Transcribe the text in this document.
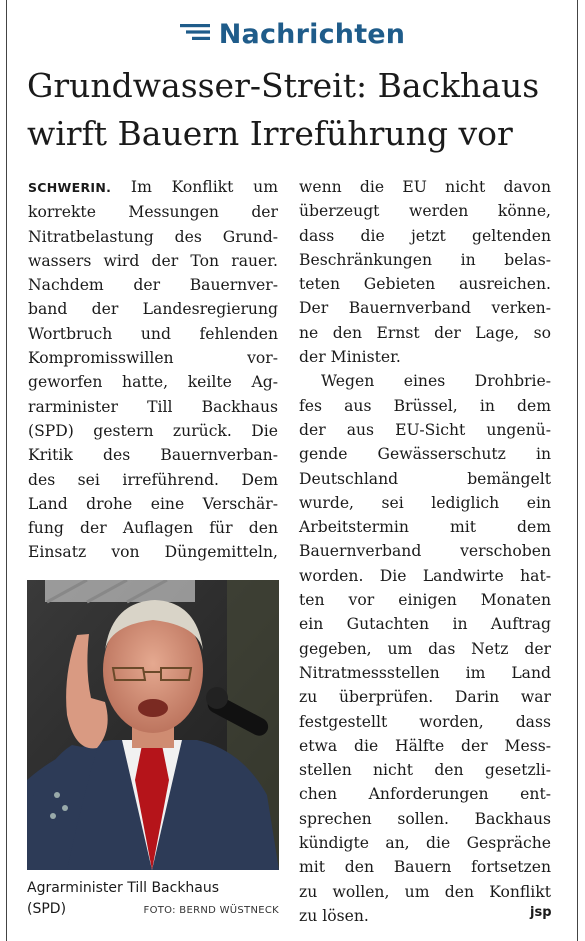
Nachrichten
Grundwasser-Streit: Backhaus
wirft Bauern Irreführung vor
SCHWERIN. Im Konflikt um
korrekte Messungen der
Nitratbelastung des Grund-
wassers wird der Ton rauer.
Nachdem der Bauernver-
band der Landesregierung
Wortbruch und fehlenden
Kompromisswillen vor-
geworfen hatte, keilte Ag-
rarminister Till Backhaus
(SPD) gestern zurück. Die
Kritik des Bauernverban-
des sei irreführend. Dem
Land drohe eine Verschär-
fung der Auflagen für den
Einsatz von Düngemitteln,
Agrarminister Till Backhaus
(SPD)	FOTO: BERND WÜSTNECK
wenn die EU nicht davon
überzeugt werden könne,
dass die jetzt geltenden
Beschränkungen in belas-
teten Gebieten ausreichen.
Der Bauernverband verken-
ne den Ernst der Lage, so
der Minister.
Wegen eines Drohbrie-
fes aus Brüssel, in dem
der aus EU-Sicht ungenü-
gende Gewässerschutz in
Deutschland bemängelt
wurde, sei lediglich ein
Arbeitstermin mit dem
Bauernverband verschoben
worden. Die Landwirte hat-
ten vor einigen Monaten
ein Gutachten in Auftrag
gegeben, um das Netz der
Nitratmessstellen im Land
zu überprüfen. Darin war
festgestellt worden, dass
etwa die Hälfte der Mess-
stellen nicht den gesetzli-
chen Anforderungen ent-
sprechen sollen. Backhaus
kündigte an, die Gespräche
mit den Bauern fortsetzen
zu wollen, um den Konflikt
zu lösen.	jsp
